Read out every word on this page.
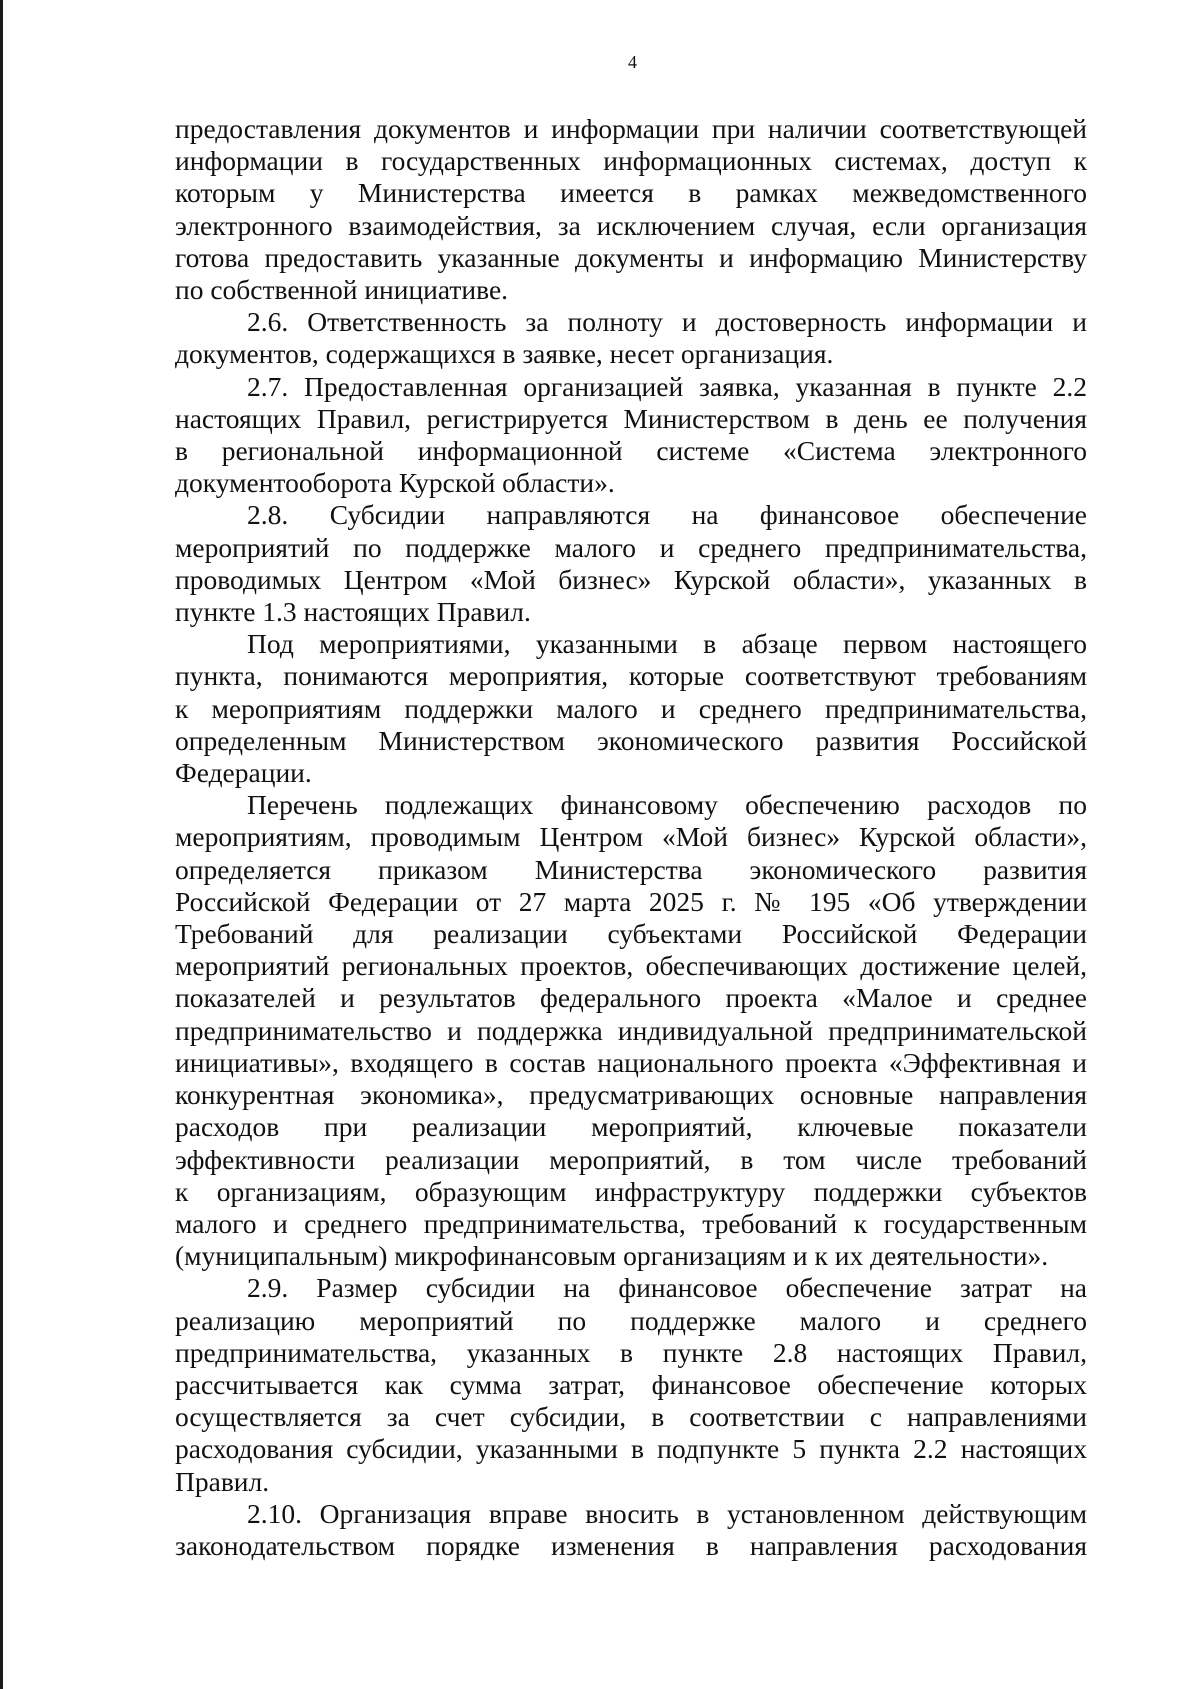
4

предоставления документов и информации при наличии соответствующей

информации в государственных информационных системах, доступ к

которым у Министерства имеется в рамках межведомственного

электронного взаимодействия, за исключением случая, если организация

готова предоставить указанные документы и информацию Министерству

по собственной инициативе.

2.6. Ответственность за полноту и достоверность информации и

документов, содержащихся в заявке, несет организация.

2.7. Предоставленная организацией заявка, указанная в пункте 2.2

настоящих Правил, регистрируется Министерством в день ее получения

в региональной информационной системе «Система электронного

документооборота Курской области».

2.8. Субсидии направляются на финансовое обеспечение

мероприятий по поддержке малого и среднего предпринимательства,

проводимых Центром «Мой бизнес» Курской области», указанных в

пункте 1.3 настоящих Правил.

Под мероприятиями, указанными в абзаце первом настоящего

пункта, понимаются мероприятия, которые соответствуют требованиям

к мероприятиям поддержки малого и среднего предпринимательства,

определенным Министерством экономического развития Российской

Федерации.

Перечень подлежащих финансовому обеспечению расходов по

мероприятиям, проводимым Центром «Мой бизнес» Курской области»,

определяется приказом Министерства экономического развития

Российской Федерации от 27 марта 2025 г. № 195 «Об утверждении

Требований для реализации субъектами Российской Федерации

мероприятий региональных проектов, обеспечивающих достижение целей,

показателей и результатов федерального проекта «Малое и среднее

предпринимательство и поддержка индивидуальной предпринимательской

инициативы», входящего в состав национального проекта «Эффективная и

конкурентная экономика», предусматривающих основные направления

расходов при реализации мероприятий, ключевые показатели

эффективности реализации мероприятий, в том числе требований

к организациям, образующим инфраструктуру поддержки субъектов

малого и среднего предпринимательства, требований к государственным

(муниципальным) микрофинансовым организациям и к их деятельности».

2.9. Размер субсидии на финансовое обеспечение затрат на

реализацию мероприятий по поддержке малого и среднего

предпринимательства, указанных в пункте 2.8 настоящих Правил,

рассчитывается как сумма затрат, финансовое обеспечение которых

осуществляется за счет субсидии, в соответствии с направлениями

расходования субсидии, указанными в подпункте 5 пункта 2.2 настоящих

Правил.

2.10. Организация вправе вносить в установленном действующим

законодательством порядке изменения в направления расходования
